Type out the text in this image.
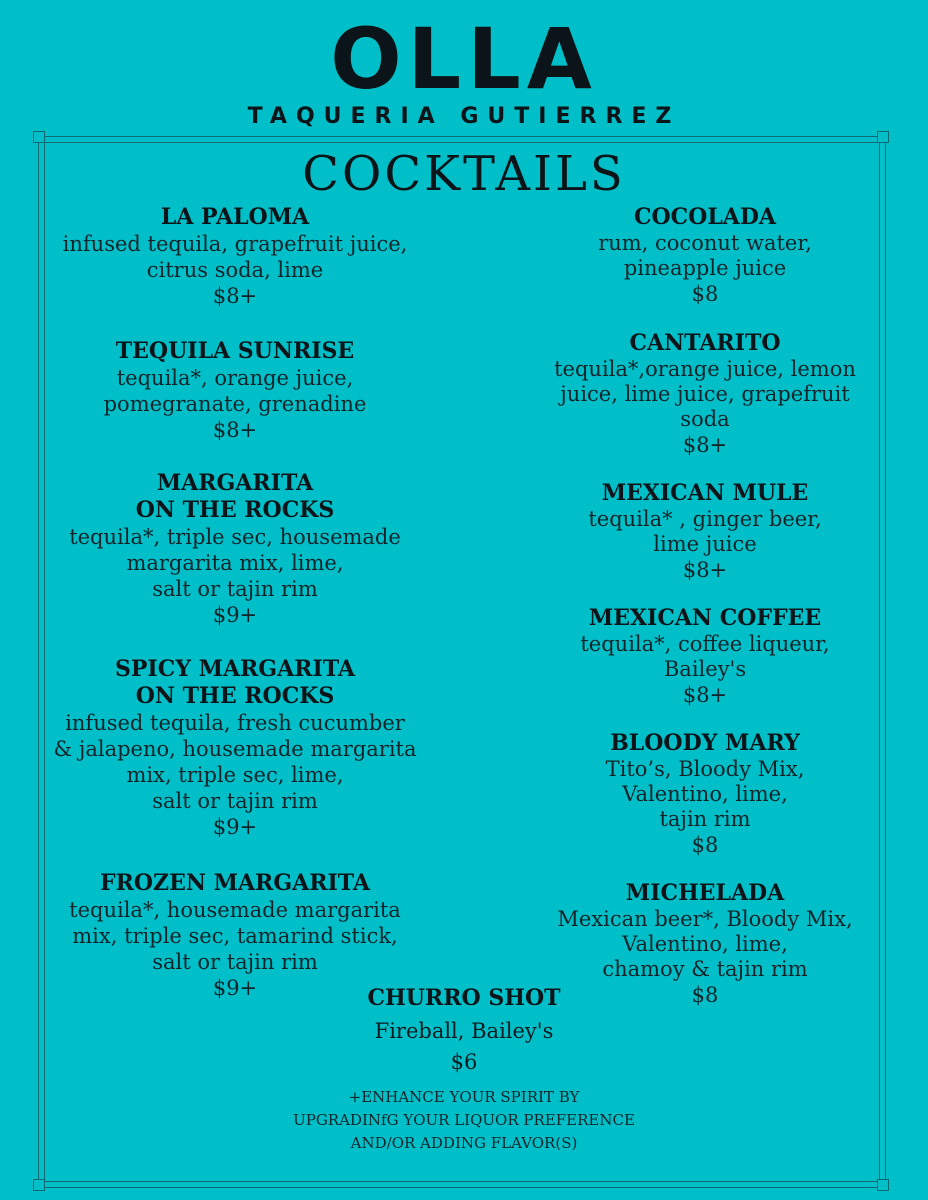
OLLA
TAQUERIA GUTIERREZ
COCKTAILS
LA PALOMA
infused tequila, grapefruit juice,
citrus soda, lime
$8+
TEQUILA SUNRISE
tequila*, orange juice,
pomegranate, grenadine
$8+
MARGARITA
ON THE ROCKS
tequila*, triple sec, housemade
margarita mix, lime,
salt or tajin rim
$9+
SPICY MARGARITA
ON THE ROCKS
infused tequila, fresh cucumber
& jalapeno, housemade margarita
mix, triple sec, lime,
salt or tajin rim
$9+
FROZEN MARGARITA
tequila*, housemade margarita
mix, triple sec, tamarind stick,
salt or tajin rim
$9+
COCOLADA
rum, coconut water,
pineapple juice
$8
CANTARITO
tequila*,orange juice, lemon
juice, lime juice, grapefruit
soda
$8+
MEXICAN MULE
tequila* , ginger beer,
lime juice
$8+
MEXICAN COFFEE
tequila*, coffee liqueur,
Bailey's
$8+
BLOODY MARY
Tito’s, Bloody Mix,
Valentino, lime,
tajin rim
$8
MICHELADA
Mexican beer*, Bloody Mix,
Valentino, lime,
chamoy & tajin rim
$8
CHURRO SHOT
Fireball, Bailey's
$6
+ENHANCE YOUR SPIRIT BY
UPGRADINfG YOUR LIQUOR PREFERENCE
AND/OR ADDING FLAVOR(S)
